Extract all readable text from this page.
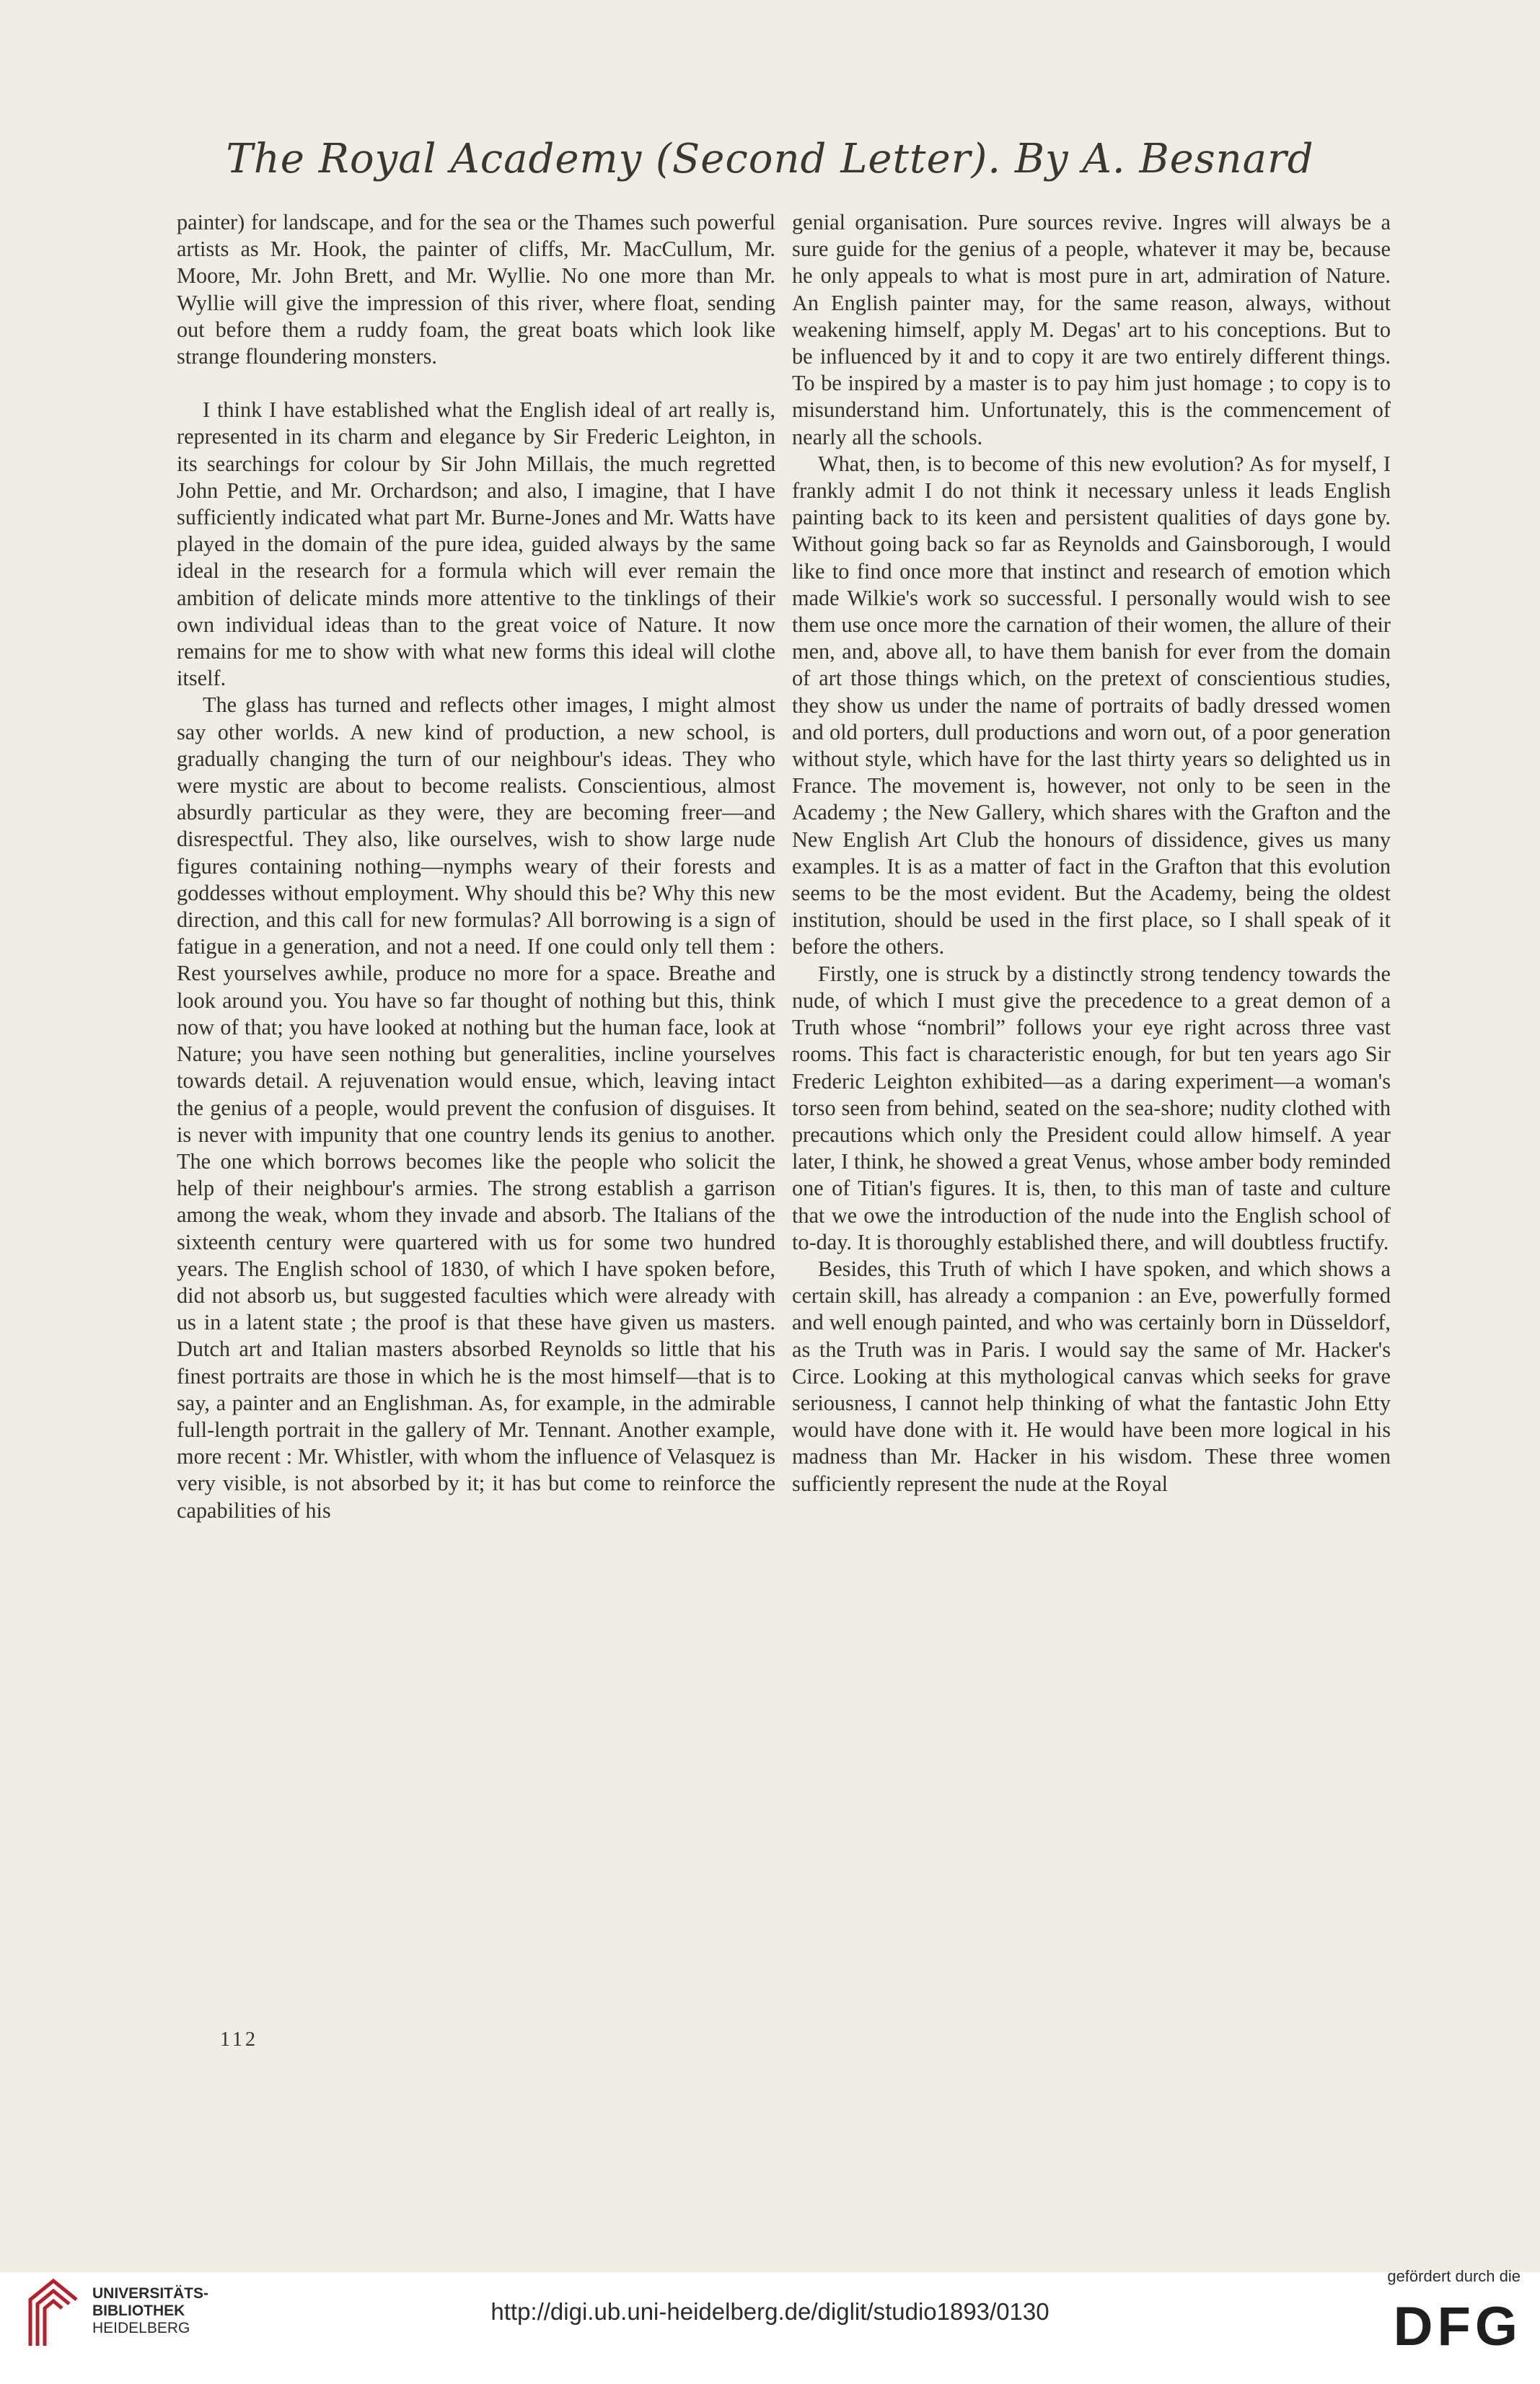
The Royal Academy (Second Letter). By A. Besnard

painter) for landscape, and for the sea or the Thames such powerful artists as Mr. Hook, the painter of cliffs, Mr. MacCullum, Mr. Moore, Mr. John Brett, and Mr. Wyllie. No one more than Mr. Wyllie will give the impression of this river, where float, sending out before them a ruddy foam, the great boats which look like strange floundering monsters.

I think I have established what the English ideal of art really is, represented in its charm and elegance by Sir Frederic Leighton, in its searchings for colour by Sir John Millais, the much regretted John Pettie, and Mr. Orchardson; and also, I imagine, that I have sufficiently indicated what part Mr. Burne-Jones and Mr. Watts have played in the domain of the pure idea, guided always by the same ideal in the research for a formula which will ever remain the ambition of delicate minds more attentive to the tinklings of their own individual ideas than to the great voice of Nature. It now remains for me to show with what new forms this ideal will clothe itself.

The glass has turned and reflects other images, I might almost say other worlds. A new kind of production, a new school, is gradually changing the turn of our neighbour's ideas. They who were mystic are about to become realists. Conscientious, almost absurdly particular as they were, they are becoming freer—and disrespectful. They also, like ourselves, wish to show large nude figures containing nothing—nymphs weary of their forests and goddesses without employment. Why should this be? Why this new direction, and this call for new formulas? All borrowing is a sign of fatigue in a generation, and not a need. If one could only tell them : Rest yourselves awhile, produce no more for a space. Breathe and look around you. You have so far thought of nothing but this, think now of that; you have looked at nothing but the human face, look at Nature; you have seen nothing but generalities, incline yourselves towards detail. A rejuvenation would ensue, which, leaving intact the genius of a people, would prevent the confusion of disguises. It is never with impunity that one country lends its genius to another. The one which borrows becomes like the people who solicit the help of their neighbour's armies. The strong establish a garrison among the weak, whom they invade and absorb. The Italians of the sixteenth century were quartered with us for some two hundred years. The English school of 1830, of which I have spoken before, did not absorb us, but suggested faculties which were already with us in a latent state ; the proof is that these have given us masters. Dutch art and Italian masters absorbed Reynolds so little that his finest portraits are those in which he is the most himself—that is to say, a painter and an Englishman. As, for example, in the admirable full-length portrait in the gallery of Mr. Tennant. Another example, more recent : Mr. Whistler, with whom the influence of Velasquez is very visible, is not absorbed by it; it has but come to reinforce the capabilities of his

genial organisation. Pure sources revive. Ingres will always be a sure guide for the genius of a people, whatever it may be, because he only appeals to what is most pure in art, admiration of Nature. An English painter may, for the same reason, always, without weakening himself, apply M. Degas' art to his conceptions. But to be influenced by it and to copy it are two entirely different things. To be inspired by a master is to pay him just homage ; to copy is to misunderstand him. Unfortunately, this is the commencement of nearly all the schools.

What, then, is to become of this new evolution? As for myself, I frankly admit I do not think it necessary unless it leads English painting back to its keen and persistent qualities of days gone by. Without going back so far as Reynolds and Gainsborough, I would like to find once more that instinct and research of emotion which made Wilkie's work so successful. I personally would wish to see them use once more the carnation of their women, the allure of their men, and, above all, to have them banish for ever from the domain of art those things which, on the pretext of conscientious studies, they show us under the name of portraits of badly dressed women and old porters, dull productions and worn out, of a poor generation without style, which have for the last thirty years so delighted us in France. The movement is, however, not only to be seen in the Academy ; the New Gallery, which shares with the Grafton and the New English Art Club the honours of dissidence, gives us many examples. It is as a matter of fact in the Grafton that this evolution seems to be the most evident. But the Academy, being the oldest institution, should be used in the first place, so I shall speak of it before the others.

Firstly, one is struck by a distinctly strong tendency towards the nude, of which I must give the precedence to a great demon of a Truth whose “nombril” follows your eye right across three vast rooms. This fact is characteristic enough, for but ten years ago Sir Frederic Leighton exhibited—as a daring experiment—a woman's torso seen from behind, seated on the sea-shore; nudity clothed with precautions which only the President could allow himself. A year later, I think, he showed a great Venus, whose amber body reminded one of Titian's figures. It is, then, to this man of taste and culture that we owe the introduction of the nude into the English school of to-day. It is thoroughly established there, and will doubtless fructify.

Besides, this Truth of which I have spoken, and which shows a certain skill, has already a companion : an Eve, powerfully formed and well enough painted, and who was certainly born in Düsseldorf, as the Truth was in Paris. I would say the same of Mr. Hacker's Circe. Looking at this mythological canvas which seeks for grave seriousness, I cannot help thinking of what the fantastic John Etty would have done with it. He would have been more logical in his madness than Mr. Hacker in his wisdom. These three women sufficiently represent the nude at the Royal

112
UNIVERSITÄTS-
BIBLIOTHEK
HEIDELBERG
http://digi.ub.uni-heidelberg.de/diglit/studio1893/0130
gefördert durch die
DFG
